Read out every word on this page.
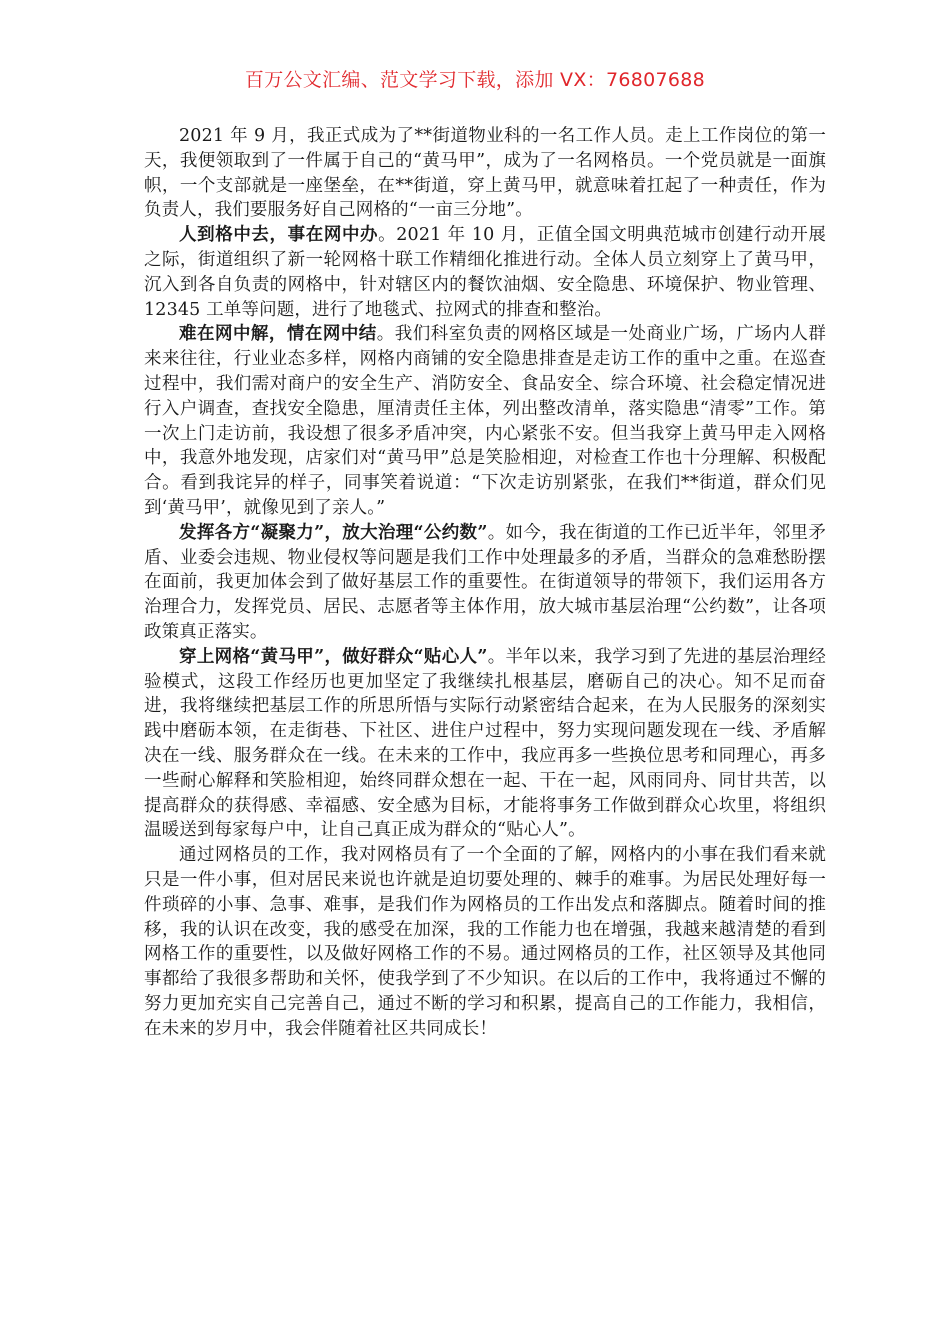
百万公文汇编、范文学习下载，添加 VX：76807688

2021 年 9 月，我正式成为了**街道物业科的一名工作人员。走上工作岗位的第一天，我便领取到了一件属于自己的“黄马甲”，成为了一名网格员。一个党员就是一面旗帜，一个支部就是一座堡垒，在**街道，穿上黄马甲，就意味着扛起了一种责任，作为负责人，我们要服务好自己网格的“一亩三分地”。

人到格中去，事在网中办。2021 年 10 月，正值全国文明典范城市创建行动开展之际，街道组织了新一轮网格十联工作精细化推进行动。全体人员立刻穿上了黄马甲，沉入到各自负责的网格中，针对辖区内的餐饮油烟、安全隐患、环境保护、物业管理、12345 工单等问题，进行了地毯式、拉网式的排查和整治。

难在网中解，情在网中结。我们科室负责的网格区域是一处商业广场，广场内人群来来往往，行业业态多样，网格内商铺的安全隐患排查是走访工作的重中之重。在巡查过程中，我们需对商户的安全生产、消防安全、食品安全、综合环境、社会稳定情况进行入户调查，查找安全隐患，厘清责任主体，列出整改清单，落实隐患“清零”工作。第一次上门走访前，我设想了很多矛盾冲突，内心紧张不安。但当我穿上黄马甲走入网格中，我意外地发现，店家们对“黄马甲”总是笑脸相迎，对检查工作也十分理解、积极配合。看到我诧异的样子，同事笑着说道：“下次走访别紧张，在我们**街道，群众们见到‘黄马甲’，就像见到了亲人。”

发挥各方“凝聚力”，放大治理“公约数”。如今，我在街道的工作已近半年，邻里矛盾、业委会违规、物业侵权等问题是我们工作中处理最多的矛盾，当群众的急难愁盼摆在面前，我更加体会到了做好基层工作的重要性。在街道领导的带领下，我们运用各方治理合力，发挥党员、居民、志愿者等主体作用，放大城市基层治理“公约数”，让各项政策真正落实。

穿上网格“黄马甲”，做好群众“贴心人”。半年以来，我学习到了先进的基层治理经验模式，这段工作经历也更加坚定了我继续扎根基层，磨砺自己的决心。知不足而奋进，我将继续把基层工作的所思所悟与实际行动紧密结合起来，在为人民服务的深刻实践中磨砺本领，在走街巷、下社区、进住户过程中，努力实现问题发现在一线、矛盾解决在一线、服务群众在一线。在未来的工作中，我应再多一些换位思考和同理心，再多一些耐心解释和笑脸相迎，始终同群众想在一起、干在一起，风雨同舟、同甘共苦，以提高群众的获得感、幸福感、安全感为目标，才能将事务工作做到群众心坎里，将组织温暖送到每家每户中，让自己真正成为群众的“贴心人”。

通过网格员的工作，我对网格员有了一个全面的了解，网格内的小事在我们看来就只是一件小事，但对居民来说也许就是迫切要处理的、棘手的难事。为居民处理好每一件琐碎的小事、急事、难事，是我们作为网格员的工作出发点和落脚点。随着时间的推移，我的认识在改变，我的感受在加深，我的工作能力也在增强，我越来越清楚的看到网格工作的重要性，以及做好网格工作的不易。通过网格员的工作，社区领导及其他同事都给了我很多帮助和关怀，使我学到了不少知识。在以后的工作中，我将通过不懈的努力更加充实自己完善自己，通过不断的学习和积累，提高自己的工作能力，我相信，在未来的岁月中，我会伴随着社区共同成长！
